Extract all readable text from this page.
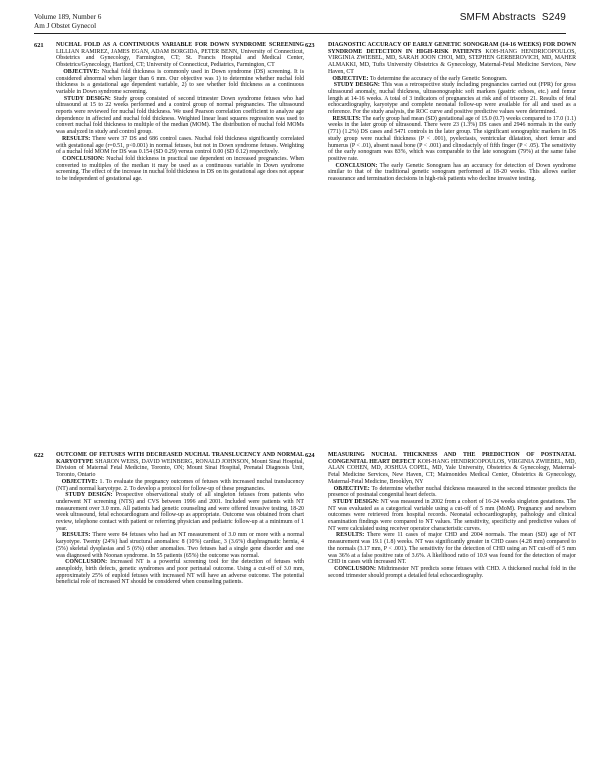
Volume 189, Number 6
Am J Obstet Gynecol
SMFM Abstracts S249
621 NUCHAL FOLD AS A CONTINUOUS VARIABLE FOR DOWN SYNDROME SCREENING LILLIAN RAMIREZ, JAMES EGAN, ADAM BORGIDA, PETER BENN, University of Connecticut, Obstetrics and Gynecology, Farmington, CT; St. Francis Hospital and Medical Center, Obstetrics/Gynecology, Hartford, CT; University of Connecticut, Pediatrics, Farmington, CT

OBJECTIVE: Nuchal fold thickness is commonly used in Down syndrome (DS) screening. It is considered abnormal when larger than 6 mm. Our objective was 1) to determine whether nuchal fold thickness is a gestational age dependent variable, 2) to see whether fold thickness as a continuous variable in Down syndrome screening.

STUDY DESIGN: Study group consisted of second trimester Down syndrome fetuses who had ultrasound at 15 to 22 weeks performed and a control group of normal pregnancies. The ultrasound reports were reviewed for nuchal fold thickness. We used Pearson correlation coefficient to analyze age dependence in affected and nuchal fold thickness. Weighted linear least squares regression was used to convert nuchal fold thickness to multiple of the median (MOM). The distribution of nuchal fold MOMs was analyzed in study and control group.

RESULTS: There were 37 DS and 686 control cases. Nuchal fold thickness significantly correlated with gestational age (r=0.51, p<0.001) in normal fetuses, but not in Down syndrome fetuses. Weighting of a nuchal fold MOM for DS was 0.154 (SD 0.29) versus control 0.00 (SD 0.12) respectively.

CONCLUSION: Nuchal fold thickness in practical use dependent on increased pregnancies. When converted to multiples of the median it may be used as a continuous variable in Down syndrome screening. The effect of the increase in nuchal fold thickness in DS on its gestational age does not appear to be independent of gestational age.

623 DIAGNOSTIC ACCURACY OF EARLY GENETIC SONOGRAM (14-16 WEEKS) FOR DOWN SYNDROME DETECTION IN HIGH-RISK PATIENTS KOH-HANG HENDRICOPOULOS, VIRGINIA ZWIEBEL, MD, SARAH JOON CHOI, MD, STEPHEN GERBEROVICH, MD, MAHER ALMAKKI, MD, Tufts University Obstetrics & Gynecology, Maternal-Fetal Medicine Services, New Haven, CT

OBJECTIVE: To determine the accuracy of the early Genetic Sonogram.

STUDY DESIGN: This was a retrospective study including pregnancies carried out (FPR) for gross ultrasound anomaly, nuchal thickness, ultrasonographic soft markers (gastric echoes, etc.) and femur length at 14-16 weeks. A total of 3 indicators of pregnancies at risk and of trisomy 21. Results of fetal echocardiography, karyotype and complete neonatal follow-up were available for all and used as a reference. For the study analysis, the ROC curve and positive predictive values were determined.

RESULTS: The early group had mean (SD) gestational age of 15.0 (0.7) weeks compared to 17.0 (1.1) weeks in the later group of ultrasound. There were 23 (1.3%) DS cases and 2946 normals in the early (771) (1.2%) DS cases and 5471 controls in the later group. The significant sonographic markers in DS study group were nuchal thickness (P < .001), pyelectasis, ventricular dilatation, short femur and humerus (P < .01), absent nasal bone (P < .001) and clinodactyly of fifth finger (P < .05). The sensitivity of the early sonogram was 83%, which was comparable to the late sonogram (79%) at the same false positive rate.

CONCLUSION: The early Genetic Sonogram has an accuracy for detection of Down syndrome similar to that of the traditional genetic sonogram performed at 18-20 weeks. This allows earlier reassurance and termination decisions in high-risk patients who decline invasive testing.

622 OUTCOME OF FETUSES WITH DECREASED NUCHAL TRANSLUCENCY AND NORMAL KARYOTYPE SHARON WEISS, DAVID WEINBERG, RONALD JOHNSON, Mount Sinai Hospital, Division of Maternal Fetal Medicine, Toronto, ON; Mount Sinai Hospital, Prenatal Diagnosis Unit, Toronto, Ontario

OBJECTIVE: 1. To evaluate the pregnancy outcomes of fetuses with increased nuchal translucency (NT) and normal karyotype. 2. To develop a protocol for follow-up of these pregnancies.

STUDY DESIGN: Prospective observational study of all singleton fetuses from patients who underwent NT screening (NTS) and CVS between 1996 and 2001. Included were patients with NT measurement over 3.0 mm. All patients had genetic counseling and were offered invasive testing, 18-20 week ultrasound, fetal echocardiogram and follow-up as appropriate. Outcome was obtained from chart review, telephone contact with patient or referring physician and pediatric follow-up at a minimum of 1 year.

RESULTS: There were 84 fetuses who had an NT measurement of 3.0 mm or more with a normal karyotype. Twenty (24%) had structural anomalies: 8 (10%) cardiac, 3 (3.6%) diaphragmatic hernia, 4 (5%) skeletal dysplasias and 5 (6%) other anomalies. Two fetuses had a single gene disorder and one was diagnosed with Noonan syndrome. In 55 patients (65%) the outcome was normal.

CONCLUSION: Increased NT is a powerful screening tool for the detection of fetuses with aneuploidy, birth defects, genetic syndromes and poor perinatal outcome. Using a cut-off of 3.0 mm, approximately 25% of euploid fetuses with increased NT will have an adverse outcome. The potential beneficial role of increased NT should be considered when counseling patients.

624 MEASURING NUCHAL THICKNESS AND THE PREDICTION OF POSTNATAL CONGENITAL HEART DEFECT KOH-HANG HENDRICOPOULOS, VIRGINIA ZWIEBEL, MD, ALAN COHEN, MD, JOSHUA COPEL, MD, Yale University, Obstetrics & Gynecology, Maternal-Fetal Medicine Services, New Haven, CT; Maimonides Medical Center, Obstetrics & Gynecology, Maternal-Fetal Medicine, Brooklyn, NY

OBJECTIVE: To determine whether nuchal thickness measured in the second trimester predicts the presence of postnatal congenital heart defects.

STUDY DESIGN: NT was measured in 2002 from a cohort of 16-24 weeks singleton gestations. The NT was evaluated as a categorical variable using a cut-off of 5 mm (MoM). Pregnancy and newborn outcomes were retrieved from hospital records. Neonatal echocardiography, pathology and clinical examination findings were compared to NT values. The sensitivity, specificity and predictive values of NT were calculated using receiver operator characteristic curves.

RESULTS: There were 11 cases of major CHD and 2004 normals. The mean (SD) age of NT measurement was 19.1 (1.8) weeks. NT was significantly greater in CHD cases (4.28 mm) compared to the normals (3.17 mm, P < .001). The sensitivity for the detection of CHD using an NT cut-off of 5 mm was 36% at a false positive rate of 3.6%. A likelihood ratio of 10.9 was found for the detection of major CHD in cases with increased NT.

CONCLUSION: Midtrimester NT predicts some fetuses with CHD. A thickened nuchal fold in the second trimester should prompt a detailed fetal echocardiography.
